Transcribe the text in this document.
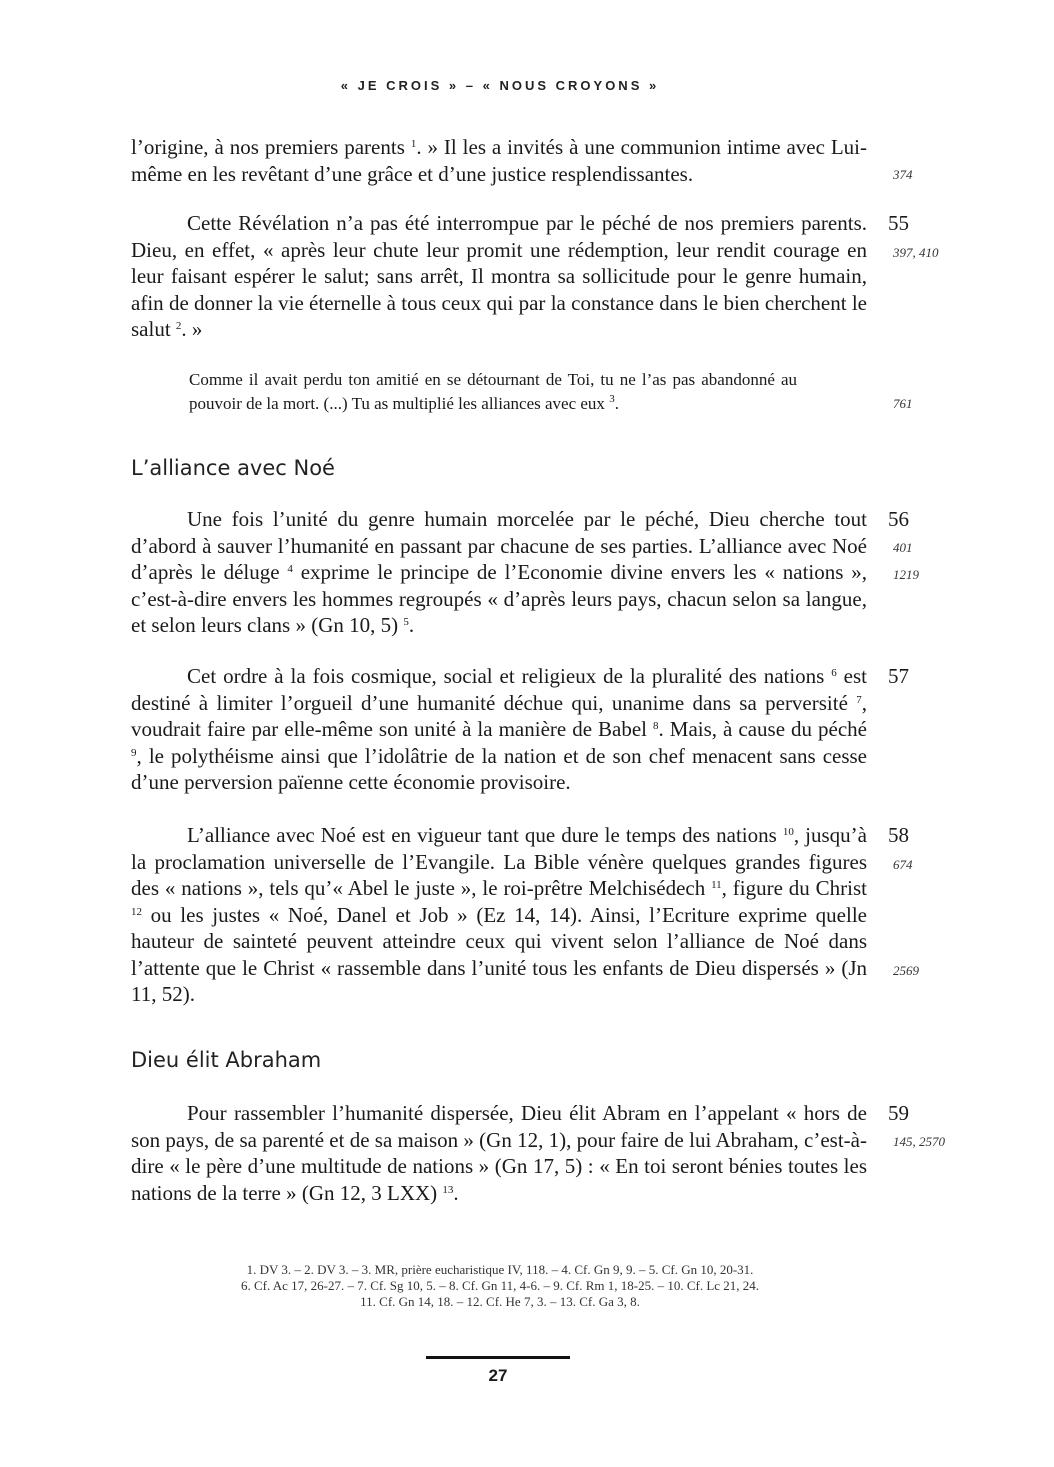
« JE CROIS » – « NOUS CROYONS »

l’origine, à nos premiers parents $^1$. » Il les a invités à une communion intime avec Lui-même en les revêtant d’une grâce et d’une justice resplendissantes.	374

Cette Révélation n’a pas été interrompue par le péché de nos premiers parents. Dieu, en effet, « après leur chute leur promit une rédemption, leur rendit courage en leur faisant espérer le salut; sans arrêt, Il montra sa sollicitude pour le genre humain, afin de donner la vie éternelle à tous ceux qui par la constance dans le bien cherchent le salut $^2$. »

55
397, 410

Comme il avait perdu ton amitié en se détournant de Toi, tu ne l’as pas abandonné au pouvoir de la mort. (...) Tu as multiplié les alliances avec eux $^3$.	761
L’alliance avec Noé

Une fois l’unité du genre humain morcelée par le péché, Dieu cherche tout d’abord à sauver l’humanité en passant par chacune de ses parties. L’alliance avec Noé d’après le déluge $^4$ exprime le principe de l’Economie divine envers les « nations », c’est-à-dire envers les hommes regroupés « d’après leurs pays, chacun selon sa langue, et selon leurs clans » (Gn 10, 5) $^5$.

56
401
1219

Cet ordre à la fois cosmique, social et religieux de la pluralité des nations $^6$ est destiné à limiter l’orgueil d’une humanité déchue qui, unanime dans sa perversité $^7$, voudrait faire par elle-même son unité à la manière de Babel $^8$. Mais, à cause du péché $^9$, le polythéisme ainsi que l’idolâtrie de la nation et de son chef menacent sans cesse d’une perversion païenne cette économie provisoire.

57

L’alliance avec Noé est en vigueur tant que dure le temps des nations $^{10}$, jusqu’à la proclamation universelle de l’Evangile. La Bible vénère quelques grandes figures des « nations », tels qu’« Abel le juste », le roi-prêtre Melchisédech $^{11}$, figure du Christ $^{12}$ ou les justes « Noé, Danel et Job » (Ez 14, 14). Ainsi, l’Ecriture exprime quelle hauteur de sainteté peuvent atteindre ceux qui vivent selon l’alliance de Noé dans l’attente que le Christ « rassemble dans l’unité tous les enfants de Dieu dispersés » (Jn 11, 52).

58
674
2569
Dieu élit Abraham

Pour rassembler l’humanité dispersée, Dieu élit Abram en l’appelant « hors de son pays, de sa parenté et de sa maison » (Gn 12, 1), pour faire de lui Abraham, c’est-à-dire « le père d’une multitude de nations » (Gn 17, 5) : « En toi seront bénies toutes les nations de la terre » (Gn 12, 3 LXX) $^{13}$.

59
145, 2570
1. DV 3. – 2. DV 3. – 3. MR, prière eucharistique IV, 118. – 4. Cf. Gn 9, 9. – 5. Cf. Gn 10, 20-31.
6. Cf. Ac 17, 26-27. – 7. Cf. Sg 10, 5. – 8. Cf. Gn 11, 4-6. – 9. Cf. Rm 1, 18-25. – 10. Cf. Lc 21, 24.
11. Cf. Gn 14, 18. – 12. Cf. He 7, 3. – 13. Cf. Ga 3, 8.
27
